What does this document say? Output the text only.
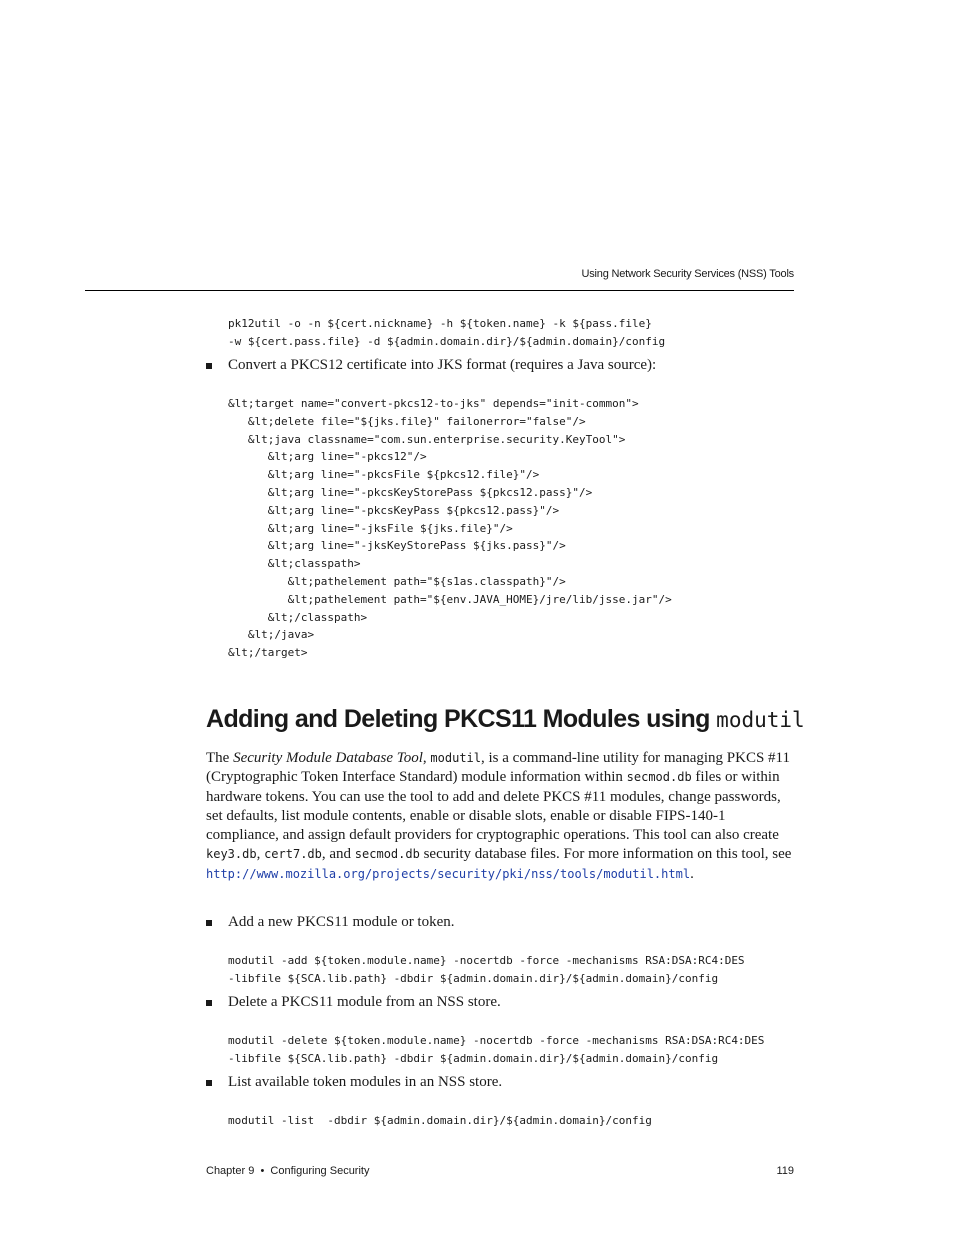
Using Network Security Services (NSS) Tools
pk12util -o -n ${cert.nickname} -h ${token.name} -k ${pass.file}
-w ${cert.pass.file} -d ${admin.domain.dir}/${admin.domain}/config
Convert a PKCS12 certificate into JKS format (requires a Java source):
&lt;target name="convert-pkcs12-to-jks" depends="init-common">
&lt;delete file="${jks.file}" failonerror="false"/>
&lt;java classname="com.sun.enterprise.security.KeyTool">
&lt;arg line="-pkcs12"/>
&lt;arg line="-pkcsFile ${pkcs12.file}"/>
&lt;arg line="-pkcsKeyStorePass ${pkcs12.pass}"/>
&lt;arg line="-pkcsKeyPass ${pkcs12.pass}"/>
&lt;arg line="-jksFile ${jks.file}"/>
&lt;arg line="-jksKeyStorePass ${jks.pass}"/>
&lt;classpath>
&lt;pathelement path="${s1as.classpath}"/>
&lt;pathelement path="${env.JAVA_HOME}/jre/lib/jsse.jar"/>
&lt;/classpath>
&lt;/java>
&lt;/target>
Adding and Deleting PKCS11 Modules using modutil
The Security Module Database Tool, modutil, is a command-line utility for managing PKCS #11 (Cryptographic Token Interface Standard) module information within secmod.db files or within hardware tokens. You can use the tool to add and delete PKCS #11 modules, change passwords, set defaults, list module contents, enable or disable slots, enable or disable FIPS-140-1 compliance, and assign default providers for cryptographic operations. This tool can also create key3.db, cert7.db, and secmod.db security database files. For more information on this tool, see
http://www.mozilla.org/projects/security/pki/nss/tools/modutil.html.
Add a new PKCS11 module or token.
modutil -add ${token.module.name} -nocertdb -force -mechanisms RSA:DSA:RC4:DES
-libfile ${SCA.lib.path} -dbdir ${admin.domain.dir}/${admin.domain}/config
Delete a PKCS11 module from an NSS store.
modutil -delete ${token.module.name} -nocertdb -force -mechanisms RSA:DSA:RC4:DES
-libfile ${SCA.lib.path} -dbdir ${admin.domain.dir}/${admin.domain}/config
List available token modules in an NSS store.
modutil -list  -dbdir ${admin.domain.dir}/${admin.domain}/config
Chapter 9 • Configuring Security	119
